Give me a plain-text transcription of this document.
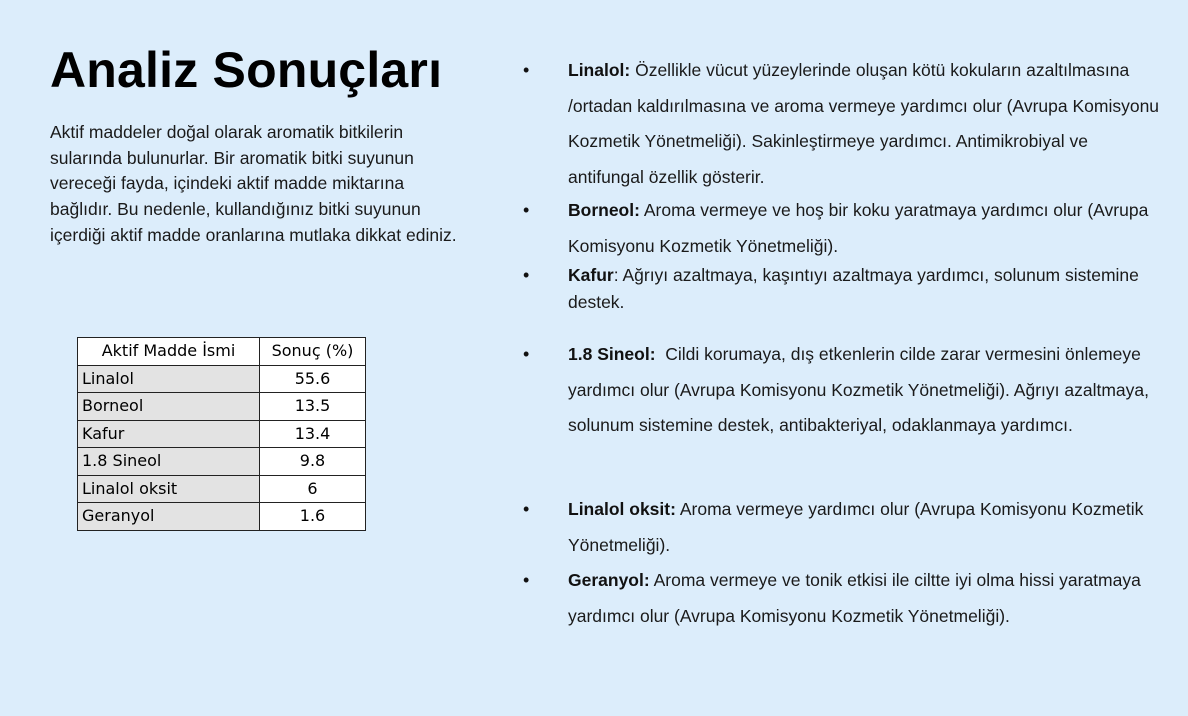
Analiz Sonuçları

Aktif maddeler doğal olarak aromatik bitkilerin sularında bulunurlar. Bir aromatik bitki suyunun vereceği fayda, içindeki aktif madde miktarına bağlıdır. Bu nedenle, kullandığınız bitki suyunun içerdiği aktif madde oranlarına mutlaka dikkat ediniz.

Aktif Madde İsmi	Sonuç (%)
Linalol	55.6
Borneol	13.5
Kafur	13.4
1.8 Sineol	9.8
Linalol oksit	6
Geranyol	1.6
• Linalol: Özellikle vücut yüzeylerinde oluşan kötü kokuların azaltılmasına /ortadan kaldırılmasına ve aroma vermeye yardımcı olur (Avrupa Komisyonu Kozmetik Yönetmeliği). Sakinleştirmeye yardımcı. Antimikrobiyal ve antifungal özellik gösterir.
• Borneol: Aroma vermeye ve hoş bir koku yaratmaya yardımcı olur (Avrupa Komisyonu Kozmetik Yönetmeliği).
• Kafur: Ağrıyı azaltmaya, kaşıntıyı azaltmaya yardımcı, solunum sistemine destek.
• 1.8 Sineol:  Cildi korumaya, dış etkenlerin cilde zarar vermesini önlemeye yardımcı olur (Avrupa Komisyonu Kozmetik Yönetmeliği). Ağrıyı azaltmaya, solunum sistemine destek, antibakteriyal, odaklanmaya yardımcı.
• Linalol oksit: Aroma vermeye yardımcı olur (Avrupa Komisyonu Kozmetik Yönetmeliği).
• Geranyol: Aroma vermeye ve tonik etkisi ile ciltte iyi olma hissi yaratmaya yardımcı olur (Avrupa Komisyonu Kozmetik Yönetmeliği).
